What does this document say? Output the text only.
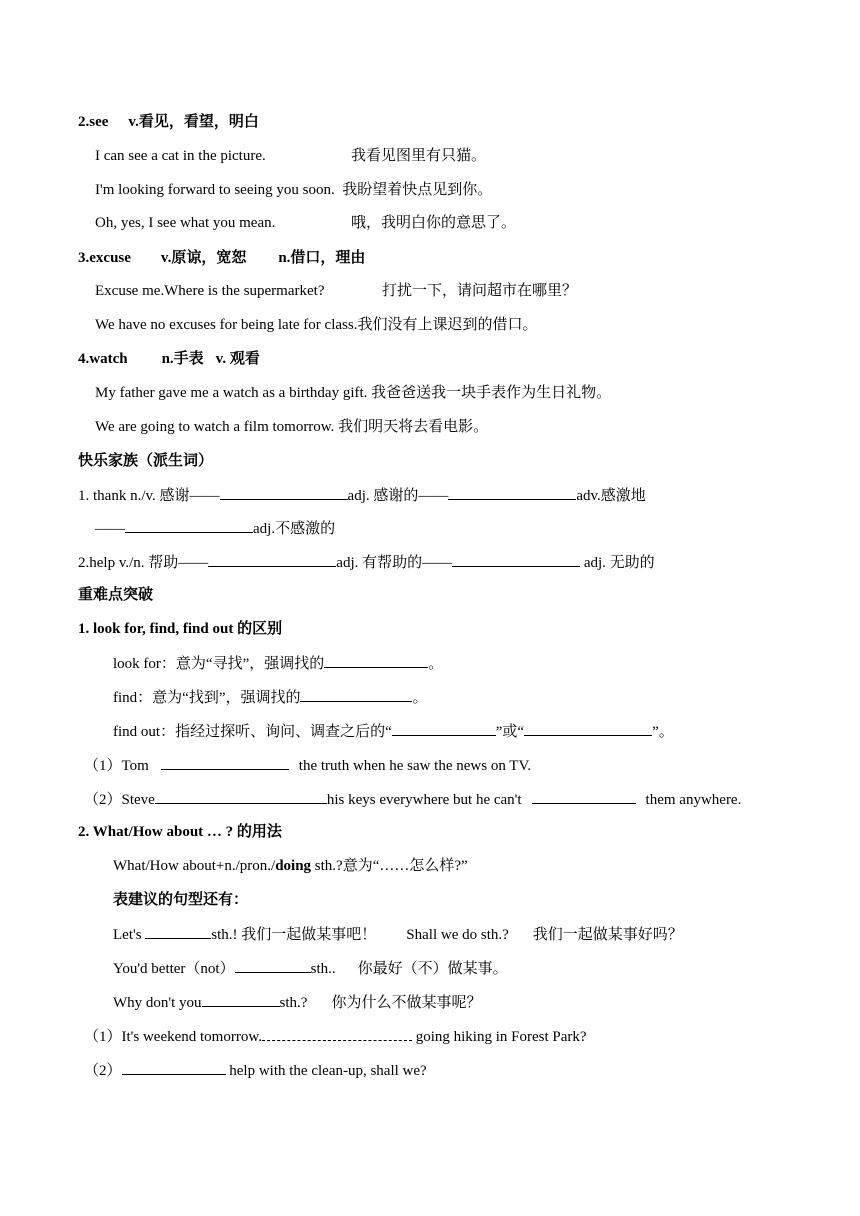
2.see v.看见，看望，明白
I can see a cat in the picture.	我看见图里有只猫。
I'm looking forward to seeing you soon. 我盼望着快点见到你。
Oh, yes, I see what you mean.	哦，我明白你的意思了。
3.excuse v.原谅，宽恕 n.借口，理由
Excuse me.Where is the supermarket?	打扰一下，请问超市在哪里？
We have no excuses for being late for class.我们没有上课迟到的借口。
4.watch n.手表 v. 观看
My father gave me a watch as a birthday gift. 我爸爸送我一块手表作为生日礼物。
We are going to watch a film tomorrow. 我们明天将去看电影。
快乐家族（派生词）
1. thank n./v. 感谢——	adj. 感谢的——	adv.感激地
——	adj.不感激的
2.help v./n. 帮助——	adj. 有帮助的——	adj. 无助的
重难点突破
1. look for, find, find out 的区别
look for：意为“寻找”，强调找的	。
find：意为“找到”，强调找的	。
find out：指经过探听、询问、调查之后的“	”或“	”。
（1）Tom	the truth when he saw the news on TV.
（2）Steve	his keys everywhere but he can't	them anywhere.
2. What/How about … ? 的用法
What/How about+n./pron./doing sth.?意为“……怎么样?”
表建议的句型还有：
Let's	sth.! 我们一起做某事吧！ Shall we do sth.? 我们一起做某事好吗？
You'd better（not）	sth.. 你最好（不）做某事。
Why don't you	sth.? 你为什么不做某事呢？
（1）It's weekend tomorrow.	going hiking in Forest Park?
（2）	help with the clean-up, shall we?
